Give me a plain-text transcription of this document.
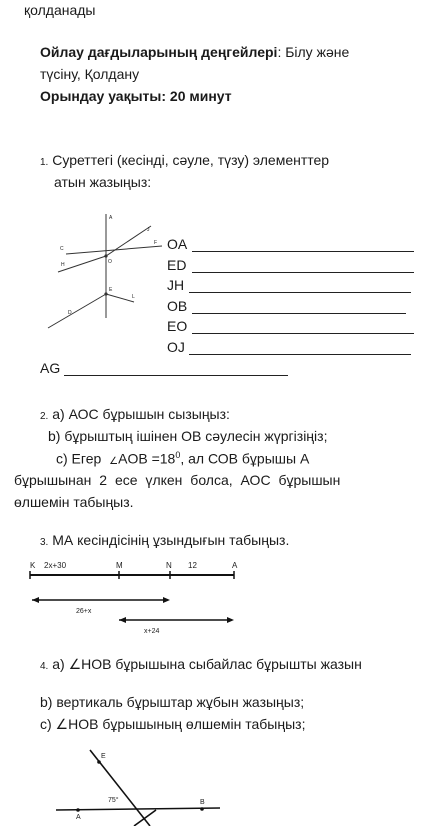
қолданады
Ойлау дағдыларының деңгейлері: Білу және
түсіну, Қолдану
Орындау уақыты: 20 минут
1. Суреттегі (кесінді, сәуле, түзу) элементтер
атын жазыңыз:
A
C
J
F
H	O
E
D
L
OA
ED
JH
OB
EO
OJ
AG
2. а) АОС бұрышын сызыңыз:
b) бұрыштың ішінен ОВ сәулесін жүргізіңіз;
c) Егер ∠AOB $=18^0$, ал СОВ бұрышы A
бұрышынан 2 есе үлкен болса, АОС бұрышын
өлшемін табыңыз.
3. МА кесіндісінің ұзындығын табыңыз.
K 2x+30	M	N 12	A
26+x
x+24
4. а) ∠НОВ бұрышына сыбайлас бұрышты жазын
b) вертикаль бұрыштар жұбын жазыңыз;
c) ∠НОВ бұрышының өлшемін табыңыз;
E
75°	B
A
